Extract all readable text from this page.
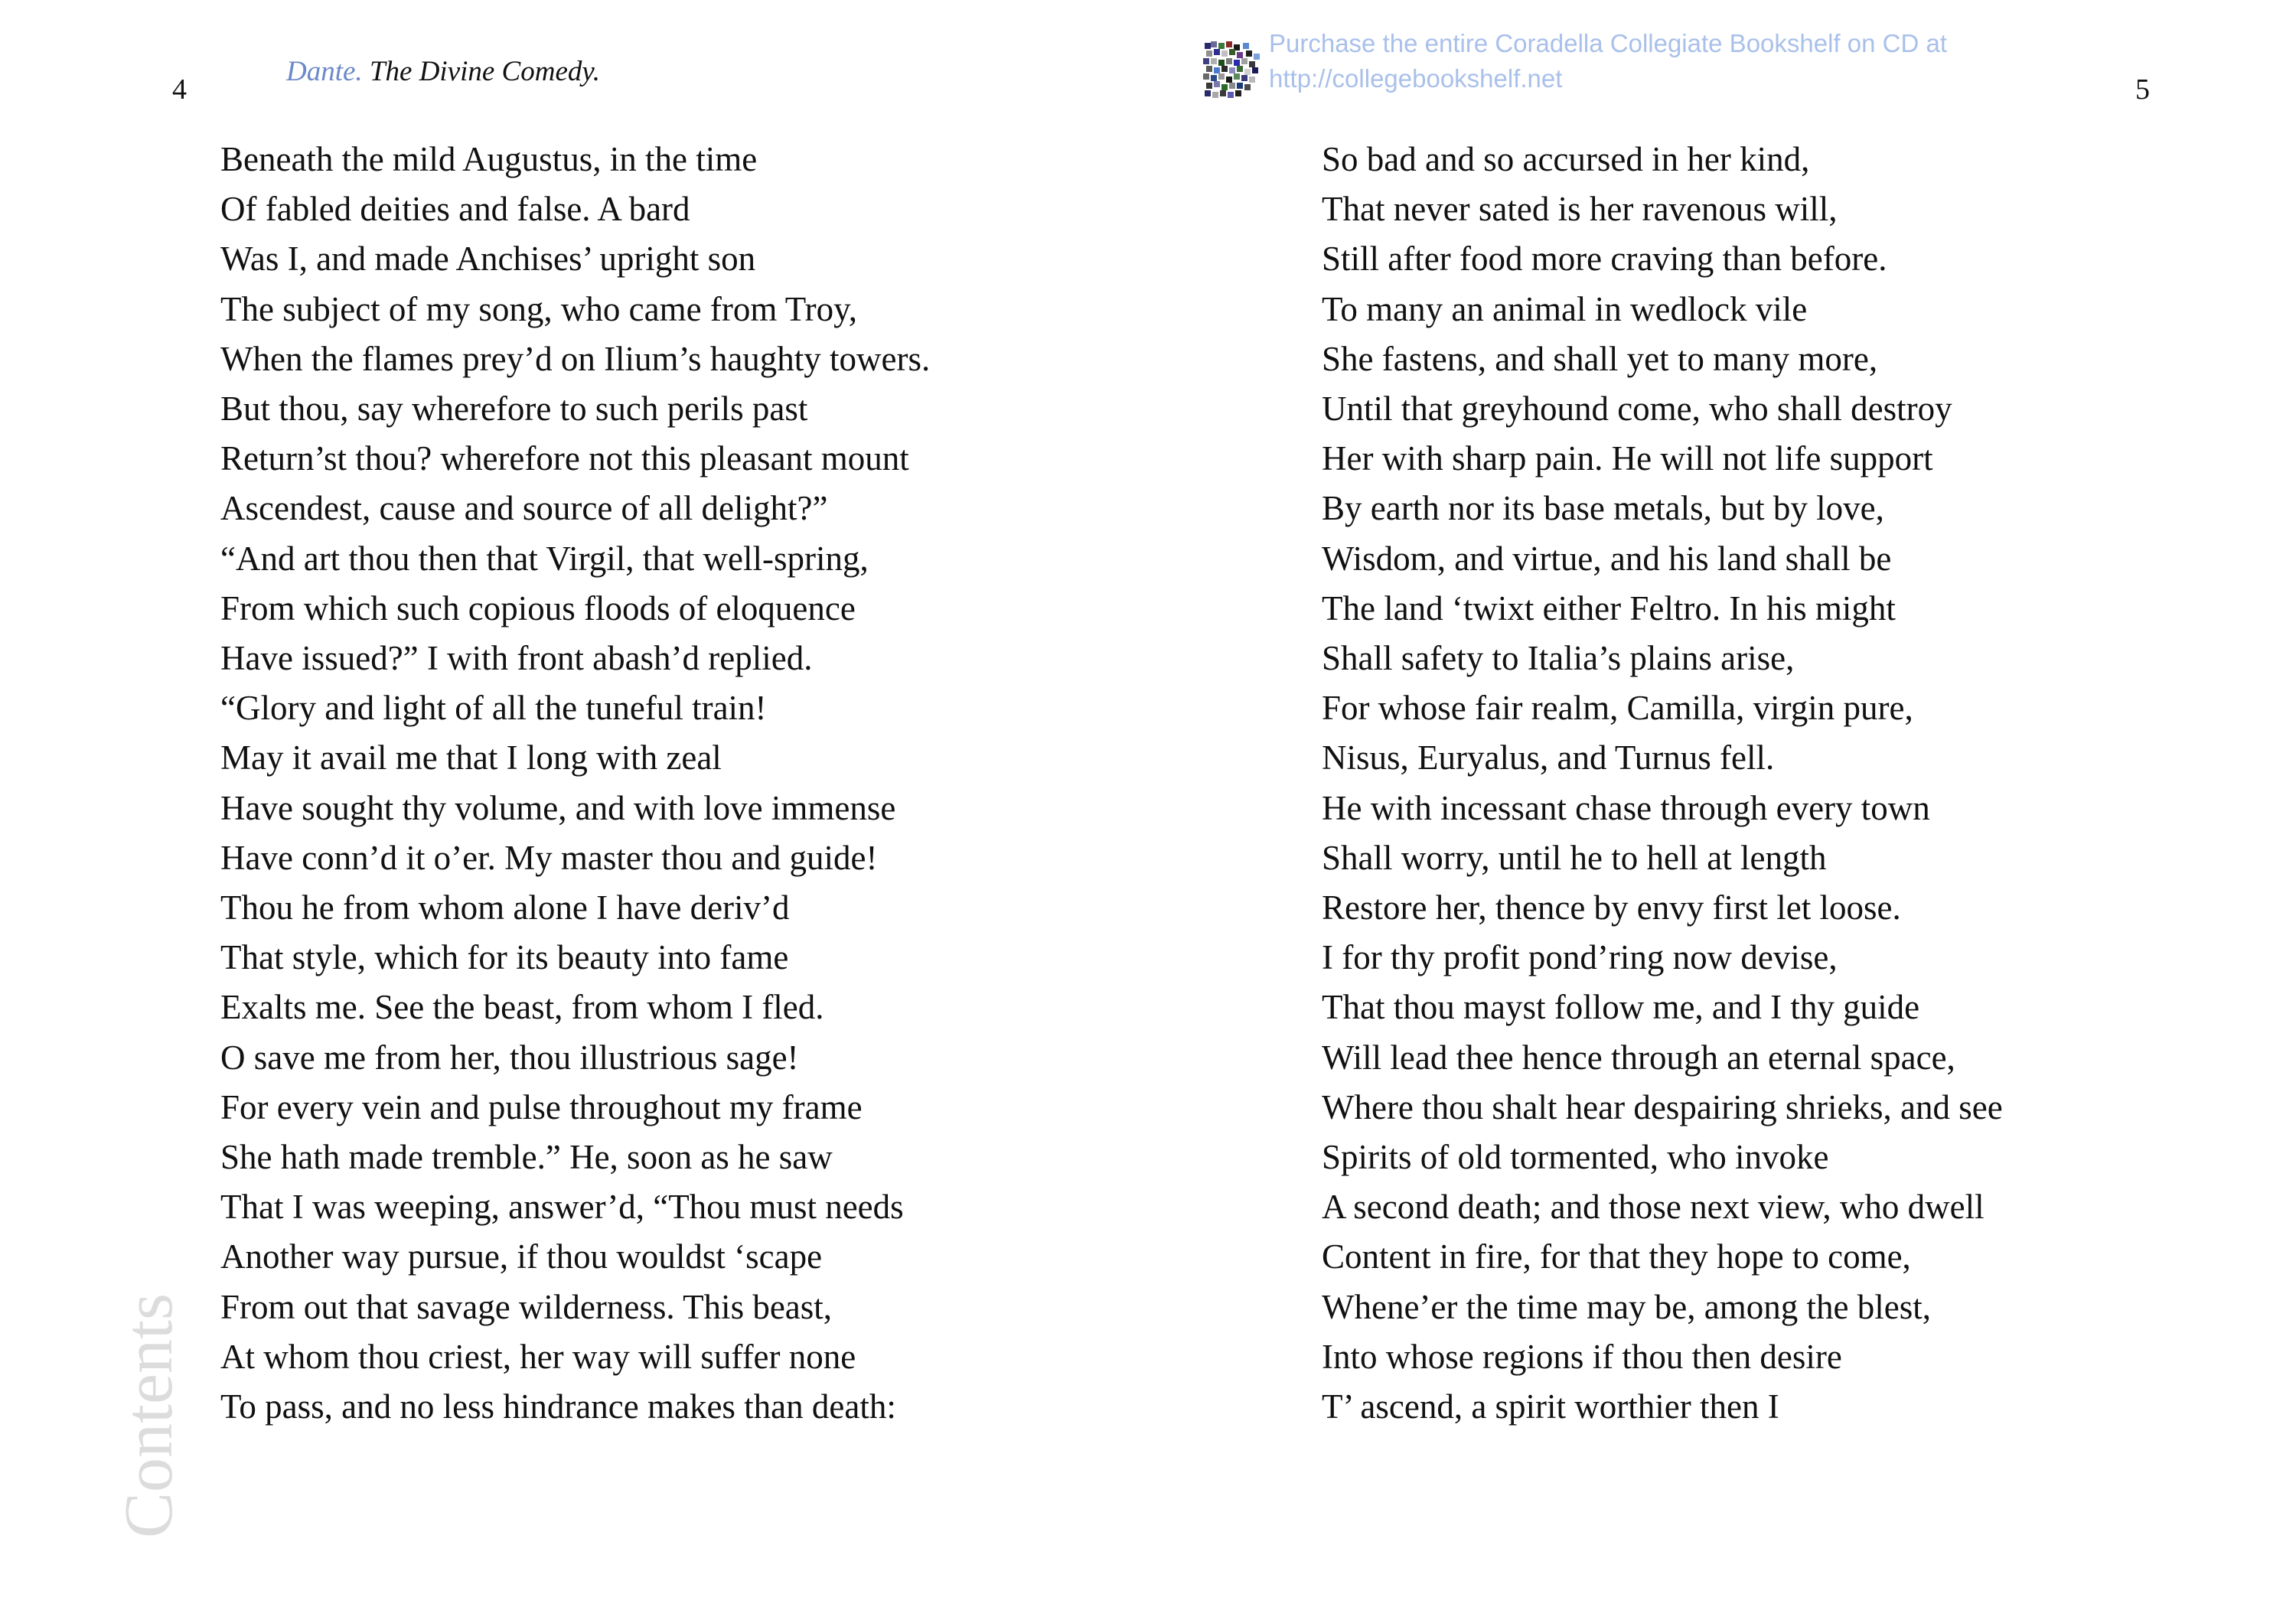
4
Dante. The Divine Comedy.
Purchase the entire Coradella Collegiate Bookshelf on CD at
http://collegebookshelf.net	5
Beneath the mild Augustus, in the time
Of fabled deities and false. A bard
Was I, and made Anchises’ upright son
The subject of my song, who came from Troy,
When the flames prey’d on Ilium’s haughty towers.
But thou, say wherefore to such perils past
Return’st thou? wherefore not this pleasant mount
Ascendest, cause and source of all delight?”
“And art thou then that Virgil, that well-spring,
From which such copious floods of eloquence
Have issued?” I with front abash’d replied.
“Glory and light of all the tuneful train!
May it avail me that I long with zeal
Have sought thy volume, and with love immense
Have conn’d it o’er. My master thou and guide!
Thou he from whom alone I have deriv’d
That style, which for its beauty into fame
Exalts me. See the beast, from whom I fled.
O save me from her, thou illustrious sage!
For every vein and pulse throughout my frame
She hath made tremble.” He, soon as he saw
That I was weeping, answer’d, “Thou must needs
Another way pursue, if thou wouldst ‘scape
From out that savage wilderness. This beast,
At whom thou criest, her way will suffer none
To pass, and no less hindrance makes than death:
So bad and so accursed in her kind,
That never sated is her ravenous will,
Still after food more craving than before.
To many an animal in wedlock vile
She fastens, and shall yet to many more,
Until that greyhound come, who shall destroy
Her with sharp pain. He will not life support
By earth nor its base metals, but by love,
Wisdom, and virtue, and his land shall be
The land ‘twixt either Feltro. In his might
Shall safety to Italia’s plains arise,
For whose fair realm, Camilla, virgin pure,
Nisus, Euryalus, and Turnus fell.
He with incessant chase through every town
Shall worry, until he to hell at length
Restore her, thence by envy first let loose.
I for thy profit pond’ring now devise,
That thou mayst follow me, and I thy guide
Will lead thee hence through an eternal space,
Where thou shalt hear despairing shrieks, and see
Spirits of old tormented, who invoke
A second death; and those next view, who dwell
Content in fire, for that they hope to come,
Whene’er the time may be, among the blest,
Into whose regions if thou then desire
T’ ascend, a spirit worthier then I
Contents
